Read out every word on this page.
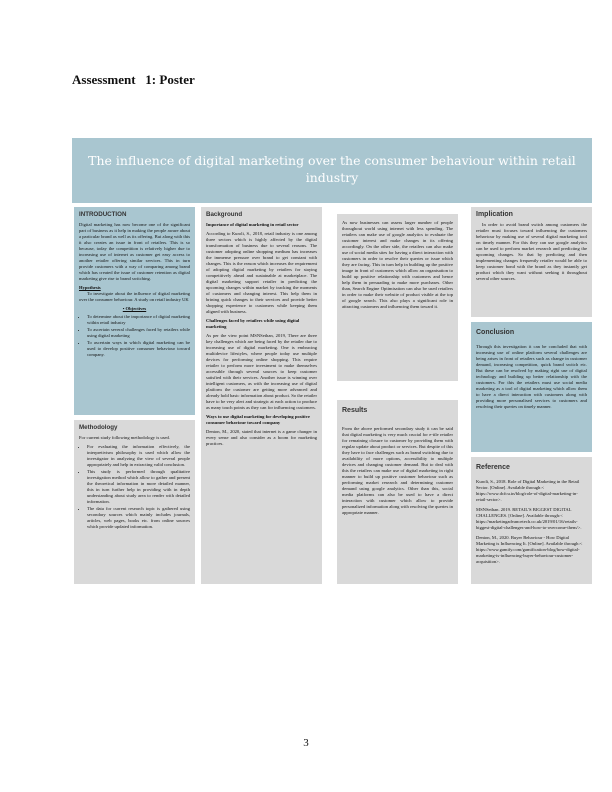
Assessment   1: Poster
The influence of digital marketing over the consumer behaviour within retail industry
INTRODUCTION

Digital marketing has now become one of the significant part of business as it help in making the people aware about a particular brand as well as its offering. But along with this it also creates an issue in front of retailers. This is so because, today the competition is relatively higher due to increasing use of internet as customer get easy access to another retailer offering similar services. This in turn provide customers with a way of comparing among brand which has created the issue of customer retention as digital marketing give rise to brand switching.

Hypothesis

To investigate about the influence of digital marketing over the consumer behaviour. A study on retail industry UK

• Objectives
• To determine about the importance of digital marketing within retail industry
• To ascertain several challenges faced by retailers while using digital marketing
• To ascertain ways in which digital marketing can be used to develop positive consumer behaviour toward company.
Methodology

For current study following methodology is used.

• For evaluating the information effectively, the interpretivism philosophy is used which allow the investigator in analyzing the view of several people appropriately and help in extracting valid conclusion.
• This study is performed through qualitative investigation method which allow to gather and present the theoretical information in more detailed manner, this in turn further help in providing with in depth understanding about study area to render with detailed information.
• The data for current research topic is gathered using secondary sources which mainly includes journals, articles, web pages, books etc. from online sources which provide updated information.
Background
Importance of digital marketing in retail sector

According to Kuroli, S., 2018, retail industry is one among three sectors which is highly affected by the digital transformation of business due to several reasons. The customer adopting online shopping medium has increases the immense pressure over brand to get constant with changes. This is the reason which increases the requirement of adopting digital marketing by retailers for staying competitively ahead and sustainable at marketplace. The digital marketing support retailer in predicting the upcoming changes within market by tracking the moments of customers and changing interest. This help them in brining quick changes to their services and provide better shopping experience to customers while keeping them aligned with business.

Challenges faced by retailers while using digital marketing

As per the view point MSNSethan, 2019, There are three key challenges which are being faced by the retailer due to increasing use of digital marketing. One is embracing multidevice lifestyles, where people today use multiple devices for performing online shopping. This require retailer to perform more investment to make themselves accessible through several sources to keep customer satisfied with their services. Another issue is winning over intelligent customers, as with the increasing use of digital platform the customer are getting more advanced and already hold basic information about product. So the retailer have to be very alert and strategic at each action to produce as many touch points as they can for influencing customers.

Ways to use digital marketing for developing positive consumer behaviour toward company

Denton, M., 2020, stated that internet is a game changer in every sense and also consider as a boom for marketing practices.

As now businesses can assess larger number of people throughout world using internet with less spending. The retailers can make use of google analytics to evaluate the customer interest and make changes in its offering accordingly. On the other side, the retailers can also make use of social media sites for having a direct interaction with customers in order to resolve their queries or issue which they are facing. This in turn help in building up the positive image in front of customers which allow an organisation to build up positive relationship with customers and hence help them in persuading to make more purchases. Other than, Search Engine Optimisation can also be used retailers in order to make their website of product visible at the top of google search. This also plays a significant role in attracting customers and influencing them toward it.

Results

From the above performed secondary study it can be said that digital marketing is very much crucial for e-tile retailer for remaining closure to customer by providing them with regular update about product or services. But despite of this they have to face challenges such as brand switching due to availability of more options, accessibility to multiple devices and changing customer demand. But to deal with this the retailers can make use of digital marketing in right manner to build up positive customer behaviour such as performing market research and determining customer demand using google analytics. Other than this, social media platforms can also be used to have a direct interaction with customer which allow to provide personalized information along with resolving the queries in appropriate manner.

Implication

In order to avoid brand switch among customers the retailer must focuses toward influencing the customers behaviour by making use of several digital marketing tool on timely manner. For this they can use google analytics can be used to perform market research and predicting the upcoming changes. So that by predicting and then implementing changes frequently retailer would be able to keep customer bond with the brand as they instantly get product which they want without seeking it throughout several other sources.

Conclusion

Through this investigation it can be concluded that with increasing use of online platform several challenges are being arises in front of retailers such as change in customer demand, increasing competition, quick brand switch etc. But these can be resolved by making right use of digital technology and building up better relationship with the customers. For this the retailers must use social media marketing as a tool of digital marketing which allow them to have a direct interaction with customers along with providing more personalised services to customers and resolving their queries on timely manner.

Reference

Kuroli, S., 2018. Role of Digital Marketing in the Retail Sector. [Online]. Available through:< https://www.dcfcu.in/blog/role-of-digital-marketing-in-retail-sector>.

MSNSethan. 2019. RETAIL'S BIGGEST DIGITAL CHALLENGES. [Online]. Available through:< https://marketingadvancetech.co.uk/2019/01/16/retails-biggest-digital-challenges-and-how-to-overcome-them/>.

Denton, M., 2020. Buyer Behaviour - How Digital Marketing is Influencing It. [Online]. Available through:< https://www.gamify.com/gamification-blog/how-digital-marketing-is-influencing-buyer-behaviour-customer-acquisition>.

3
